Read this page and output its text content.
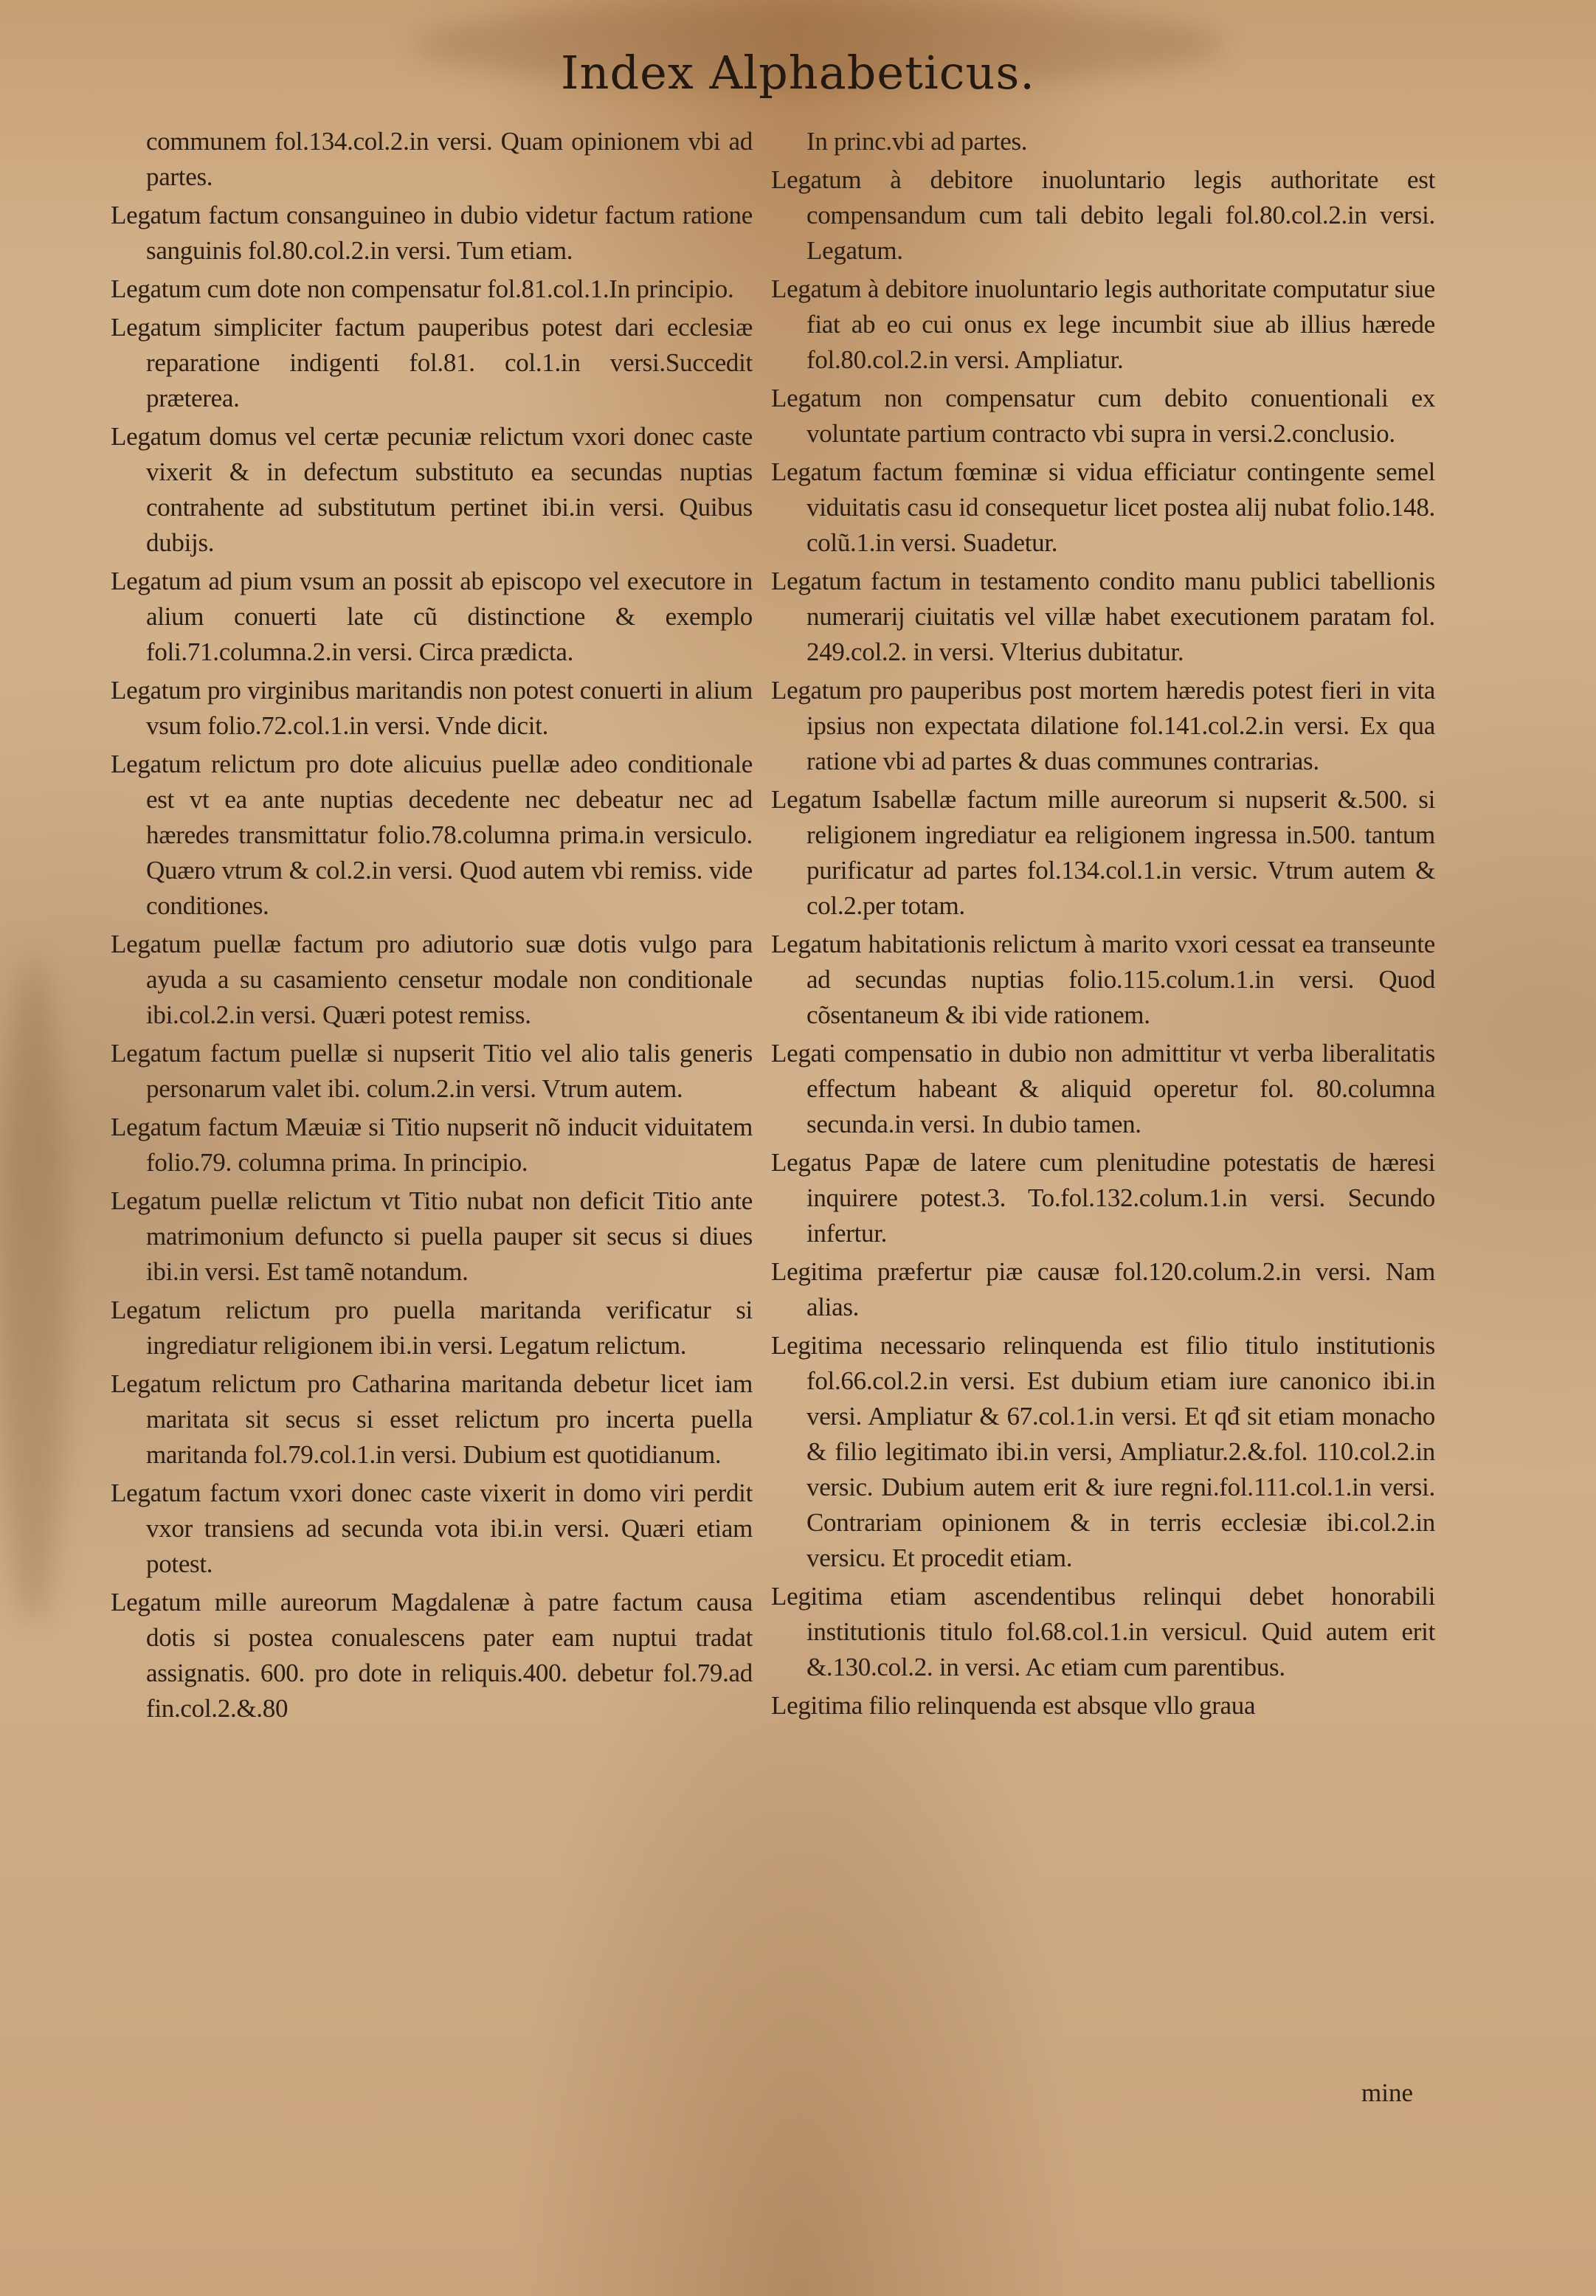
Index Alphabeticus.
communem fol.134.col.2.in versi. Quam opinionem vbi ad partes.
Legatum factum consanguineo in dubio videtur factum ratione sanguinis fol.80.col.2.in versi. Tum etiam.
Legatum cum dote non compensatur fol.81.col.1.In principio.
Legatum simpliciter factum pauperibus potest dari ecclesiæ reparatione indigenti fol.81. col.1.in versi.Succedit præterea.
Legatum domus vel certæ pecuniæ relictum vxori donec caste vixerit & in defectum substituto ea secundas nuptias contrahente ad substitutum pertinet ibi.in versi. Quibus dubijs.
Legatum ad pium vsum an possit ab episcopo vel executore in alium conuerti late cũ distinctione & exemplo foli.71.columna.2.in versi. Circa prædicta.
Legatum pro virginibus maritandis non potest conuerti in alium vsum folio.72.col.1.in versi. Vnde dicit.
Legatum relictum pro dote alicuius puellæ adeo conditionale est vt ea ante nuptias decedente nec debeatur nec ad hæredes transmittatur folio.78.columna prima.in versiculo. Quæro vtrum & col.2.in versi. Quod autem vbi remiss. vide conditiones.
Legatum puellæ factum pro adiutorio suæ dotis vulgo para ayuda a su casamiento censetur modale non conditionale ibi.col.2.in versi. Quæri potest remiss.
Legatum factum puellæ si nupserit Titio vel alio talis generis personarum valet ibi. colum.2.in versi. Vtrum autem.
Legatum factum Mæuiæ si Titio nupserit nõ inducit viduitatem folio.79. columna prima. In principio.
Legatum puellæ relictum vt Titio nubat non deficit Titio ante matrimonium defuncto si puella pauper sit secus si diues ibi.in versi. Est tamẽ notandum.
Legatum relictum pro puella maritanda verificatur si ingrediatur religionem ibi.in versi. Legatum relictum.
Legatum relictum pro Catharina maritanda debetur licet iam maritata sit secus si esset relictum pro incerta puella maritanda fol.79.col.1.in versi. Dubium est quotidianum.
Legatum factum vxori donec caste vixerit in domo viri perdit vxor transiens ad secunda vota ibi.in versi. Quæri etiam potest.
Legatum mille aureorum Magdalenæ à patre factum causa dotis si postea conualescens pater eam nuptui tradat assignatis. 600. pro dote in reliquis.400. debetur fol.79.ad fin.col.2.&.80
In princ.vbi ad partes.
Legatum à debitore inuoluntario legis authoritate est compensandum cum tali debito legali fol.80.col.2.in versi. Legatum.
Legatum à debitore inuoluntario legis authoritate computatur siue fiat ab eo cui onus ex lege incumbit siue ab illius hærede fol.80.col.2.in versi. Ampliatur.
Legatum non compensatur cum debito conuentionali ex voluntate partium contracto vbi supra in versi.2.conclusio.
Legatum factum fœminæ si vidua efficiatur contingente semel viduitatis casu id consequetur licet postea alij nubat folio.148. colũ.1.in versi. Suadetur.
Legatum factum in testamento condito manu publici tabellionis numerarij ciuitatis vel villæ habet executionem paratam fol. 249.col.2. in versi. Vlterius dubitatur.
Legatum pro pauperibus post mortem hæredis potest fieri in vita ipsius non expectata dilatione fol.141.col.2.in versi. Ex qua ratione vbi ad partes & duas communes contrarias.
Legatum Isabellæ factum mille aureorum si nupserit &.500. si religionem ingrediatur ea religionem ingressa in.500. tantum purificatur ad partes fol.134.col.1.in versic. Vtrum autem & col.2.per totam.
Legatum habitationis relictum à marito vxori cessat ea transeunte ad secundas nuptias folio.115.colum.1.in versi. Quod cõsentaneum & ibi vide rationem.
Legati compensatio in dubio non admittitur vt verba liberalitatis effectum habeant & aliquid operetur fol. 80.columna secunda.in versi. In dubio tamen.
Legatus Papæ de latere cum plenitudine potestatis de hæresi inquirere potest.3. To.fol.132.colum.1.in versi. Secundo infertur.
Legitima præfertur piæ causæ fol.120.colum.2.in versi. Nam alias.
Legitima necessario relinquenda est filio titulo institutionis fol.66.col.2.in versi. Est dubium etiam iure canonico ibi.in versi. Ampliatur & 67.col.1.in versi. Et qđ sit etiam monacho & filio legitimato ibi.in versi, Ampliatur.2.&.fol. 110.col.2.in versic. Dubium autem erit & iure regni.fol.111.col.1.in versi. Contrariam opinionem & in terris ecclesiæ ibi.col.2.in versicu. Et procedit etiam.
Legitima etiam ascendentibus relinqui debet honorabili institutionis titulo fol.68.col.1.in versicul. Quid autem erit &.130.col.2. in versi. Ac etiam cum parentibus.
Legitima filio relinquenda est absque vllo graua
mine
